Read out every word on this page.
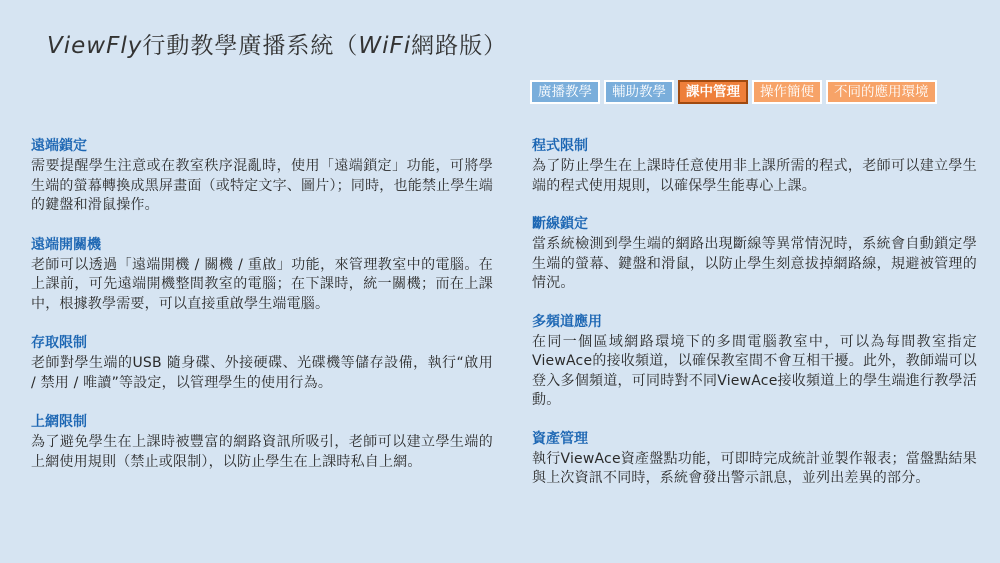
ViewFly行動教學廣播系統（WiFi網路版）
廣播教學	輔助教學	課中管理	操作簡便	不同的應用環境
遠端鎖定
需要提醒學生注意或在教室秩序混亂時，使用「遠端鎖定」功能，可將學生端的螢幕轉換成黑屏畫面（或特定文字、圖片）；同時，也能禁止學生端的鍵盤和滑鼠操作。
遠端開關機
老師可以透過「遠端開機 / 關機 / 重啟」功能，來管理教室中的電腦。在上課前，可先遠端開機整間教室的電腦；在下課時，統一關機；而在上課中，根據教學需要，可以直接重啟學生端電腦。
存取限制
老師對學生端的USB 隨身碟、外接硬碟、光碟機等儲存設備，執行“啟用 / 禁用 / 唯讀”等設定，以管理學生的使用行為。
上網限制
為了避免學生在上課時被豐富的網路資訊所吸引，老師可以建立學生端的上網使用規則（禁止或限制），以防止學生在上課時私自上網。
程式限制
為了防止學生在上課時任意使用非上課所需的程式，老師可以建立學生端的程式使用規則，以確保學生能專心上課。
斷線鎖定
當系統檢測到學生端的網路出現斷線等異常情況時，系統會自動鎖定學生端的螢幕、鍵盤和滑鼠，以防止學生刻意拔掉網路線，規避被管理的情況。
多頻道應用
在同一個區域網路環境下的多間電腦教室中，可以為每間教室指定ViewAce的接收頻道，以確保教室間不會互相干擾。此外，教師端可以登入多個頻道，可同時對不同ViewAce接收頻道上的學生端進行教學活動。
資產管理
執行ViewAce資產盤點功能，可即時完成統計並製作報表；當盤點結果與上次資訊不同時，系統會發出警示訊息，並列出差異的部分。
